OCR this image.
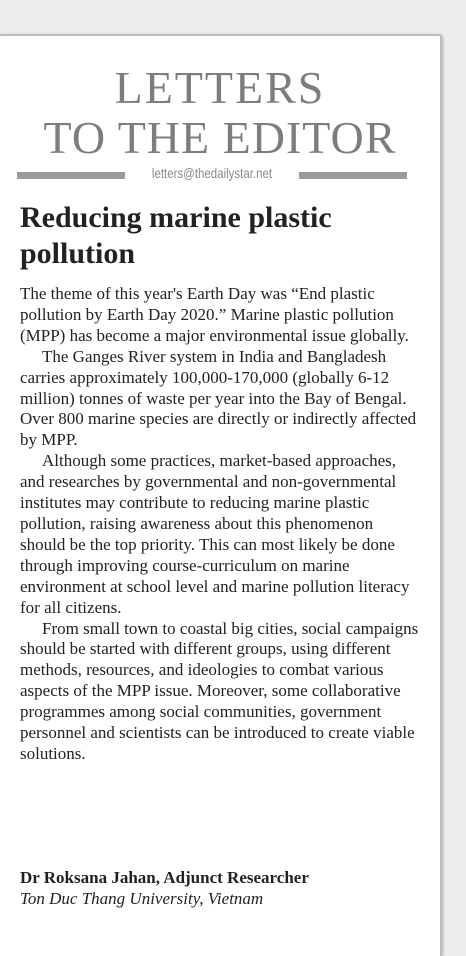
LETTERS
TO THE EDITOR
letters@thedailystar.net
Reducing marine plastic pollution

The theme of this year's Earth Day was “End plastic pollution by Earth Day 2020.” Marine plastic pollution (MPP) has become a major environmental issue globally.

The Ganges River system in India and Bangladesh carries approximately 100,000-170,000 (globally 6-12 million) tonnes of waste per year into the Bay of Bengal. Over 800 marine species are directly or indirectly affected by MPP.

Although some practices, market-based approaches, and researches by governmental and non-governmental institutes may contribute to reducing marine plastic pollution, raising awareness about this phenomenon should be the top priority. This can most likely be done through improving course-curriculum on marine environment at school level and marine pollution literacy for all citizens.

From small town to coastal big cities, social campaigns should be started with different groups, using different methods, resources, and ideologies to combat various aspects of the MPP issue. Moreover, some collaborative programmes among social communities, government personnel and scientists can be introduced to create viable solutions.

Dr Roksana Jahan, Adjunct Researcher
Ton Duc Thang University, Vietnam
